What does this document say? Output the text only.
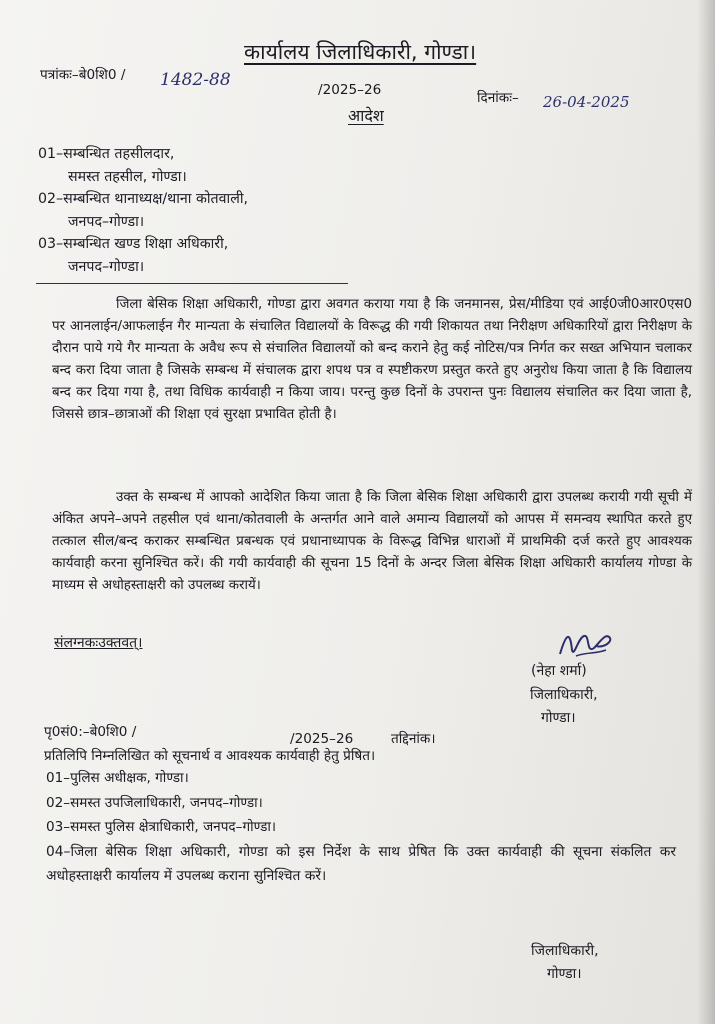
कार्यालय जिलाधिकारी, गोण्डा।
पत्रांकः–बे0शि0 / 1482-88	/2025–26	दिनांकः– 26-04-2025
आदेश
01–सम्बन्धित तहसीलदार,
समस्त तहसील, गोण्डा।
02–सम्बन्धित थानाध्यक्ष/थाना कोतवाली,
जनपद–गोण्डा।
03–सम्बन्धित खण्ड शिक्षा अधिकारी,
जनपद–गोण्डा।

जिला बेसिक शिक्षा अधिकारी, गोण्डा द्वारा अवगत कराया गया है कि जनमानस, प्रेस/मीडिया एवं आई0जी0आर0एस0 पर आनलाईन/आफलाईन गैर मान्यता के संचालित विद्यालयों के विरूद्ध की गयी शिकायत तथा निरीक्षण अधिकारियों द्वारा निरीक्षण के दौरान पाये गये गैर मान्यता के अवैध रूप से संचालित विद्यालयों को बन्द कराने हेतु कई नोटिस/पत्र निर्गत कर सख्त अभियान चलाकर बन्द करा दिया जाता है जिसके सम्बन्ध में संचालक द्वारा शपथ पत्र व स्पष्टीकरण प्रस्तुत करते हुए अनुरोध किया जाता है कि विद्यालय बन्द कर दिया गया है, तथा विधिक कार्यवाही न किया जाय। परन्तु कुछ दिनों के उपरान्त पुनः विद्यालय संचालित कर दिया जाता है, जिससे छात्र–छात्राओं की शिक्षा एवं सुरक्षा प्रभावित होती है।

उक्त के सम्बन्ध में आपको आदेशित किया जाता है कि जिला बेसिक शिक्षा अधिकारी द्वारा उपलब्ध करायी गयी सूची में अंकित अपने–अपने तहसील एवं थाना/कोतवाली के अन्तर्गत आने वाले अमान्य विद्यालयों को आपस में समन्वय स्थापित करते हुए तत्काल सील/बन्द कराकर सम्बन्धित प्रबन्धक एवं प्रधानाध्यापक के विरूद्ध विभिन्न धाराओं में प्राथमिकी दर्ज करते हुए आवश्यक कार्यवाही करना सुनिश्चित करें। की गयी कार्यवाही की सूचना 15 दिनों के अन्दर जिला बेसिक शिक्षा अधिकारी कार्यालय गोण्डा के माध्यम से अधोहस्ताक्षरी को उपलब्ध करायें।

संलग्नकःउक्तवत्।
(नेहा शर्मा)
जिलाधिकारी,
गोण्डा।
पृ0सं0:–बे0शि0 /	/2025–26	तद्दिनांक।
प्रतिलिपि निम्नलिखित को सूचनार्थ व आवश्यक कार्यवाही हेतु प्रेषित।
01–पुलिस अधीक्षक, गोण्डा।
02–समस्त उपजिलाधिकारी, जनपद–गोण्डा।
03–समस्त पुलिस क्षेत्राधिकारी, जनपद–गोण्डा।
04–जिला बेसिक शिक्षा अधिकारी, गोण्डा को इस निर्देश के साथ प्रेषित कि उक्त कार्यवाही की सूचना संकलित कर अधोहस्ताक्षरी कार्यालय में उपलब्ध कराना सुनिश्चित करें।
जिलाधिकारी,
गोण्डा।
